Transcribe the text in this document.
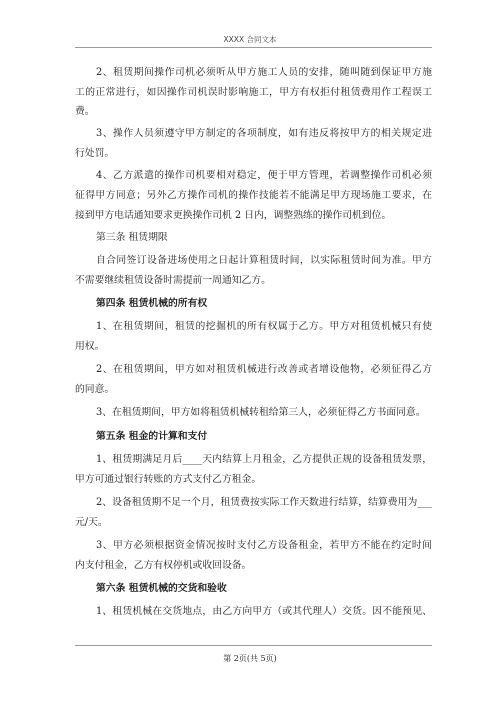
XXXX 合同文本
2、租赁期间操作司机必须听从甲方施工人员的安排，随叫随到保证甲方施
工的正常进行，如因操作司机误时影响施工，甲方有权拒付租赁费用作工程误工
费。
3、操作人员须遵守甲方制定的各项制度，如有违反将按甲方的相关规定进
行处罚。
4、乙方派遣的操作司机要相对稳定，便于甲方管理，若调整操作司机必须
征得甲方同意；另外乙方操作司机的操作技能若不能满足甲方现场施工要求，在
接到甲方电话通知要求更换操作司机 2 日内，调整熟练的操作司机到位。
第三条 租赁期限
自合同签订设备进场使用之日起计算租赁时间，以实际租赁时间为准。甲方
不需要继续租赁设备时需提前一周通知乙方。
第四条 租赁机械的所有权
1、在租赁期间，租赁的挖掘机的所有权属于乙方。甲方对租赁机械只有使
用权。
2、在租赁期间，甲方如对租赁机械进行改善或者增设他物，必须征得乙方
的同意。
3、在租赁期间，甲方如将租赁机械转租给第三人，必须征得乙方书面同意。
第五条 租金的计算和支付
1、租赁期满足月后____天内结算上月租金，乙方提供正规的设备租赁发票，
甲方可通过银行转账的方式支付乙方租金。
2、设备租赁期不足一个月，租赁费按实际工作天数进行结算，结算费用为___
元/天。
3、甲方必须根据资金情况按时支付乙方设备租金，若甲方不能在约定时间
内支付租金，乙方有权停机或收回设备。
第六条 租赁机械的交货和验收
1、租赁机械在交货地点，由乙方向甲方（或其代理人）交货。因不能预见、
第 2页(共 5页)
